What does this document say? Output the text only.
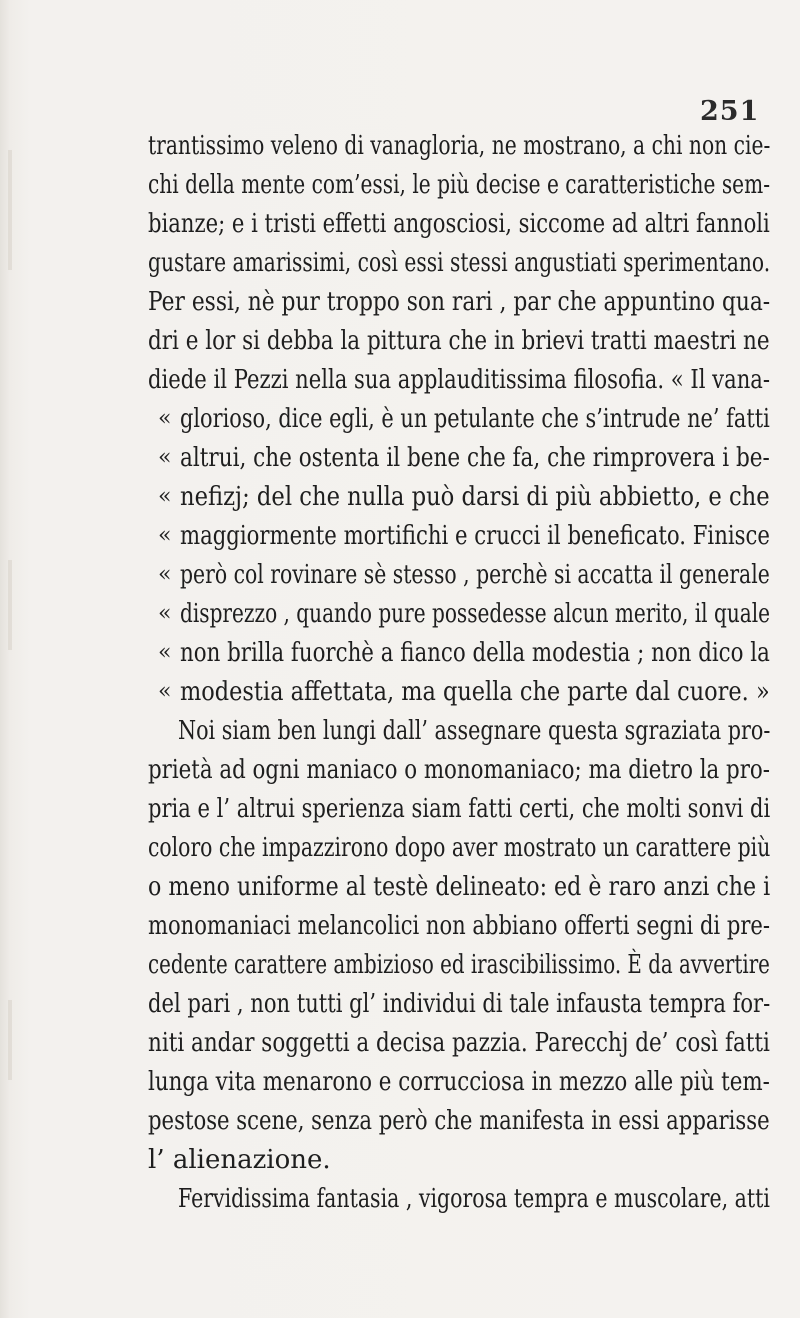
251
trantissimo veleno di vanagloria, ne mostrano, a chi non cie-
chi della mente com’essi, le più decise e caratteristiche sem-
bianze; e i tristi effetti angosciosi, siccome ad altri fannoli
gustare amarissimi, così essi stessi angustiati sperimentano.
Per essi, nè pur troppo son rari , par che appuntino qua-
dri e lor si debba la pittura che in brievi tratti maestri ne
diede il Pezzi nella sua applauditissima filosofia. « Il vana-
« glorioso, dice egli, è un petulante che s’intrude ne’ fatti
« altrui, che ostenta il bene che fa, che rimprovera i be-
« nefizj; del che nulla può darsi di più abbietto, e che
« maggiormente mortifichi e crucci il beneficato. Finisce
« però col rovinare sè stesso , perchè si accatta il generale
« disprezzo , quando pure possedesse alcun merito, il quale
« non brilla fuorchè a fianco della modestia ; non dico la
« modestia affettata, ma quella che parte dal cuore. »
Noi siam ben lungi dall’ assegnare questa sgraziata pro-
prietà ad ogni maniaco o monomaniaco; ma dietro la pro-
pria e l’ altrui sperienza siam fatti certi, che molti sonvi di
coloro che impazzirono dopo aver mostrato un carattere più
o meno uniforme al testè delineato: ed è raro anzi che i
monomaniaci melancolici non abbiano offerti segni di pre-
cedente carattere ambizioso ed irascibilissimo. È da avvertire
del pari , non tutti gl’ individui di tale infausta tempra for-
niti andar soggetti a decisa pazzia. Parecchj de’ così fatti
lunga vita menarono e corrucciosa in mezzo alle più tem-
pestose scene, senza però che manifesta in essi apparisse
l’ alienazione.
Fervidissima fantasia , vigorosa tempra e muscolare, atti
